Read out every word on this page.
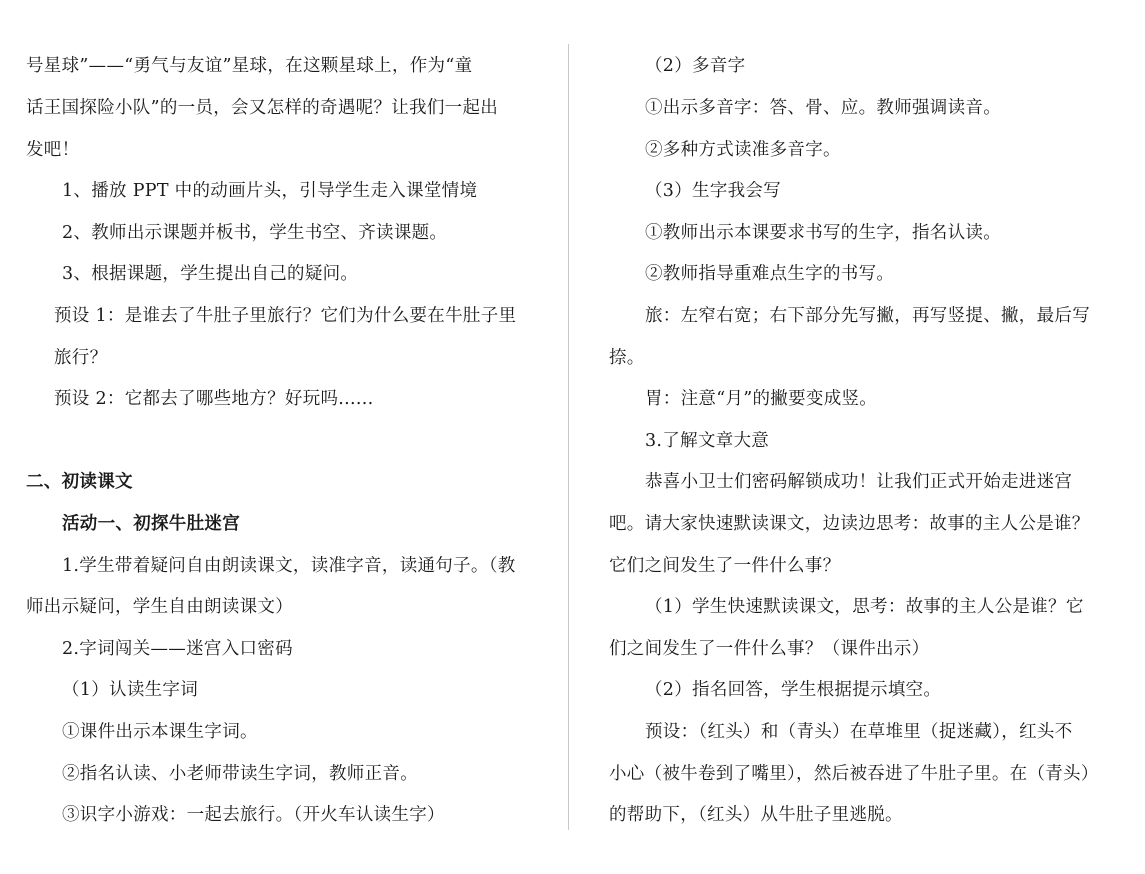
号星球”——“勇气与友谊”星球，在这颗星球上，作为“童
话王国探险小队”的一员，会又怎样的奇遇呢？让我们一起出
发吧！
1、播放 PPT 中的动画片头，引导学生走入课堂情境
2、教师出示课题并板书，学生书空、齐读课题。
3、根据课题，学生提出自己的疑问。
预设 1：是谁去了牛肚子里旅行？它们为什么要在牛肚子里
旅行？
预设 2：它都去了哪些地方？好玩吗......
二、初读课文
活动一、初探牛肚迷宫
1.学生带着疑问自由朗读课文，读准字音，读通句子。（教
师出示疑问，学生自由朗读课文）
2.字词闯关——迷宫入口密码
（1）认读生字词
①课件出示本课生字词。
②指名认读、小老师带读生字词，教师正音。
③识字小游戏：一起去旅行。（开火车认读生字）
（2）多音字
①出示多音字：答、骨、应。教师强调读音。
②多种方式读准多音字。
（3）生字我会写
①教师出示本课要求书写的生字，指名认读。
②教师指导重难点生字的书写。
旅：左窄右宽；右下部分先写撇，再写竖提、撇，最后写
捺。
胃：注意“月”的撇要变成竖。
3.了解文章大意
恭喜小卫士们密码解锁成功！让我们正式开始走进迷宫
吧。请大家快速默读课文，边读边思考：故事的主人公是谁？
它们之间发生了一件什么事？
（1）学生快速默读课文，思考：故事的主人公是谁？它
们之间发生了一件什么事？（课件出示）
（2）指名回答，学生根据提示填空。
预设：（红头）和（青头）在草堆里（捉迷藏），红头不
小心（被牛卷到了嘴里），然后被吞进了牛肚子里。在（青头）
的帮助下，（红头）从牛肚子里逃脱。
